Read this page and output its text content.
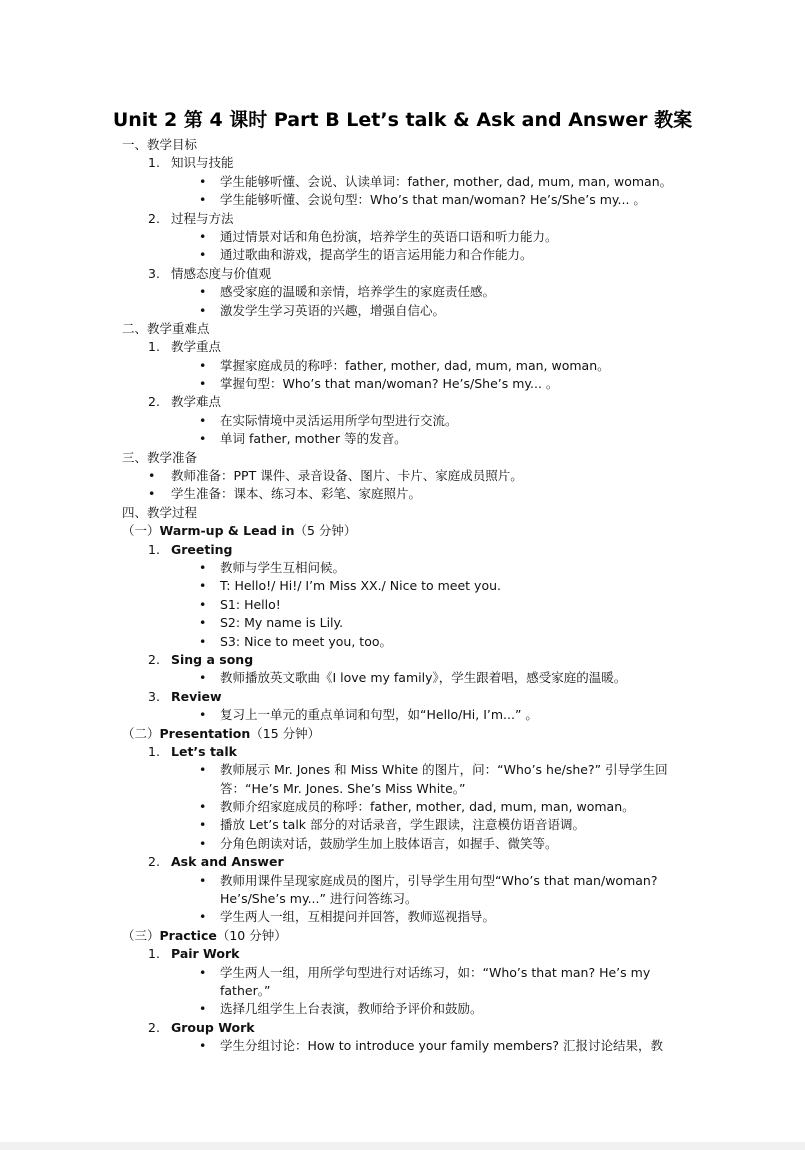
Unit 2 第 4 课时 Part B Let’s talk & Ask and Answer 教案
一、教学目标
1. 知识与技能
• 学生能够听懂、会说、认读单词：father, mother, dad, mum, man, woman。
• 学生能够听懂、会说句型：Who’s that man/woman? He’s/She’s my... 。
2. 过程与方法
• 通过情景对话和角色扮演，培养学生的英语口语和听力能力。
• 通过歌曲和游戏，提高学生的语言运用能力和合作能力。
3. 情感态度与价值观
• 感受家庭的温暖和亲情，培养学生的家庭责任感。
• 激发学生学习英语的兴趣，增强自信心。
二、教学重难点
1. 教学重点
• 掌握家庭成员的称呼：father, mother, dad, mum, man, woman。
• 掌握句型：Who’s that man/woman? He’s/She’s my... 。
2. 教学难点
• 在实际情境中灵活运用所学句型进行交流。
• 单词 father, mother 等的发音。
三、教学准备
• 教师准备：PPT 课件、录音设备、图片、卡片、家庭成员照片。
• 学生准备：课本、练习本、彩笔、家庭照片。
四、教学过程
（一）Warm-up & Lead in（5 分钟）
1. Greeting
• 教师与学生互相问候。
• T: Hello!/ Hi!/ I’m Miss XX./ Nice to meet you.
• S1: Hello!
• S2: My name is Lily.
• S3: Nice to meet you, too。
2. Sing a song
• 教师播放英文歌曲《I love my family》，学生跟着唱，感受家庭的温暖。
3. Review
• 复习上一单元的重点单词和句型，如“Hello/Hi, I’m...” 。
（二）Presentation（15 分钟）
1. Let’s talk
• 教师展示 Mr. Jones 和 Miss White 的图片，问：“Who’s he/she?” 引导学生回答：“He’s Mr. Jones. She’s Miss White。”
• 教师介绍家庭成员的称呼：father, mother, dad, mum, man, woman。
• 播放 Let’s talk 部分的对话录音，学生跟读，注意模仿语音语调。
• 分角色朗读对话，鼓励学生加上肢体语言，如握手、微笑等。
2. Ask and Answer
• 教师用课件呈现家庭成员的图片，引导学生用句型“Who’s that man/woman? He’s/She’s my...” 进行问答练习。
• 学生两人一组，互相提问并回答，教师巡视指导。
（三）Practice（10 分钟）
1. Pair Work
• 学生两人一组，用所学句型进行对话练习，如：“Who’s that man? He’s my father。”
• 选择几组学生上台表演，教师给予评价和鼓励。
2. Group Work
• 学生分组讨论：How to introduce your family members? 汇报讨论结果，教
